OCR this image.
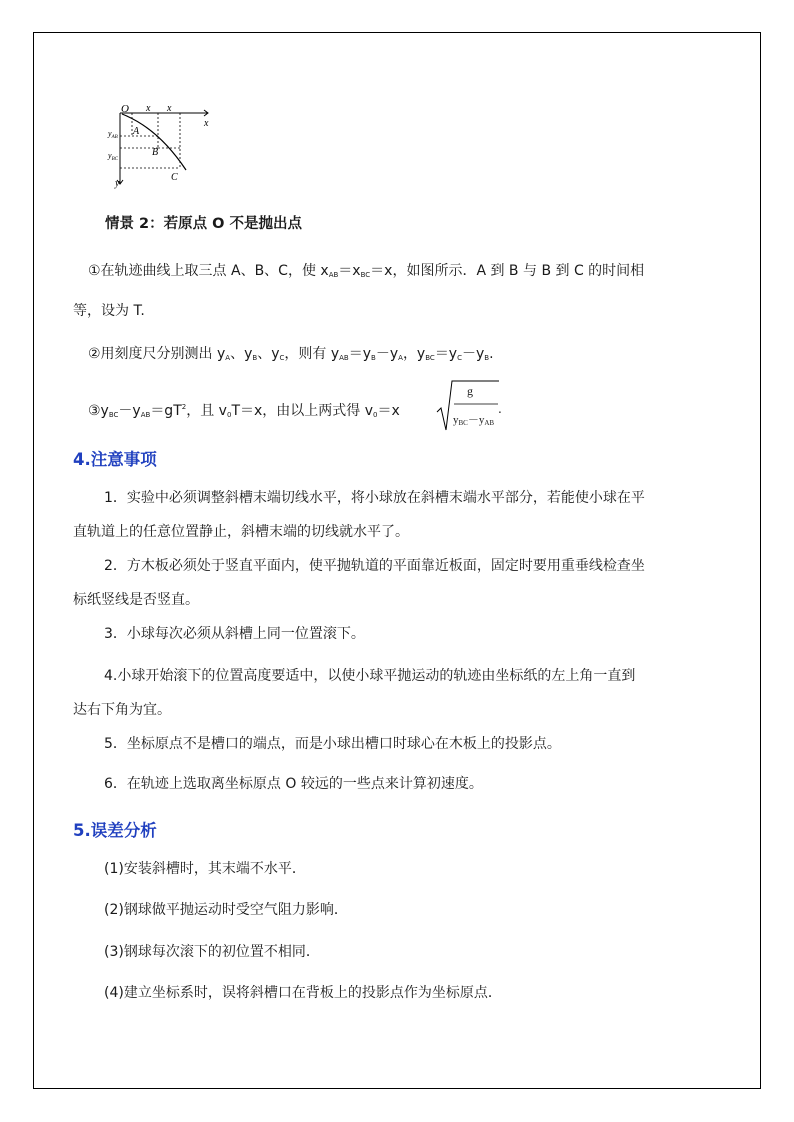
O x x
x
y
A
B
C
$y_{AB}$
$y_{BC}$
情景 2：若原点 O 不是抛出点
①在轨迹曲线上取三点 A、B、C，使 $x_{AB}=x_{BC}=x$，如图所示．A 到 B 与 B 到 C 的时间相
等，设为 T.
②用刻度尺分别测出 $y_A$、$y_B$、$y_C$，则有 $y_{AB}=y_B-y_A$，$y_{BC}=y_C-y_B$.
$③y_{BC}-y_{AB}=gT^2$，且 $v_0T=x$，由以上两式得 $v_0=x$
g
$y_{BC}-y_{AB}$
.
4.注意事项
1．实验中必须调整斜槽末端切线水平，将小球放在斜槽末端水平部分，若能使小球在平
直轨道上的任意位置静止，斜槽末端的切线就水平了。
2．方木板必须处于竖直平面内，使平抛轨道的平面靠近板面，固定时要用重垂线检查坐
标纸竖线是否竖直。
3．小球每次必须从斜槽上同一位置滚下。
4.小球开始滚下的位置高度要适中，以使小球平抛运动的轨迹由坐标纸的左上角一直到
达右下角为宜。
5．坐标原点不是槽口的端点，而是小球出槽口时球心在木板上的投影点。
6．在轨迹上选取离坐标原点 O 较远的一些点来计算初速度。
5.误差分析
(1)安装斜槽时，其末端不水平．
(2)钢球做平抛运动时受空气阻力影响．
(3)钢球每次滚下的初位置不相同．
(4)建立坐标系时，误将斜槽口在背板上的投影点作为坐标原点．
